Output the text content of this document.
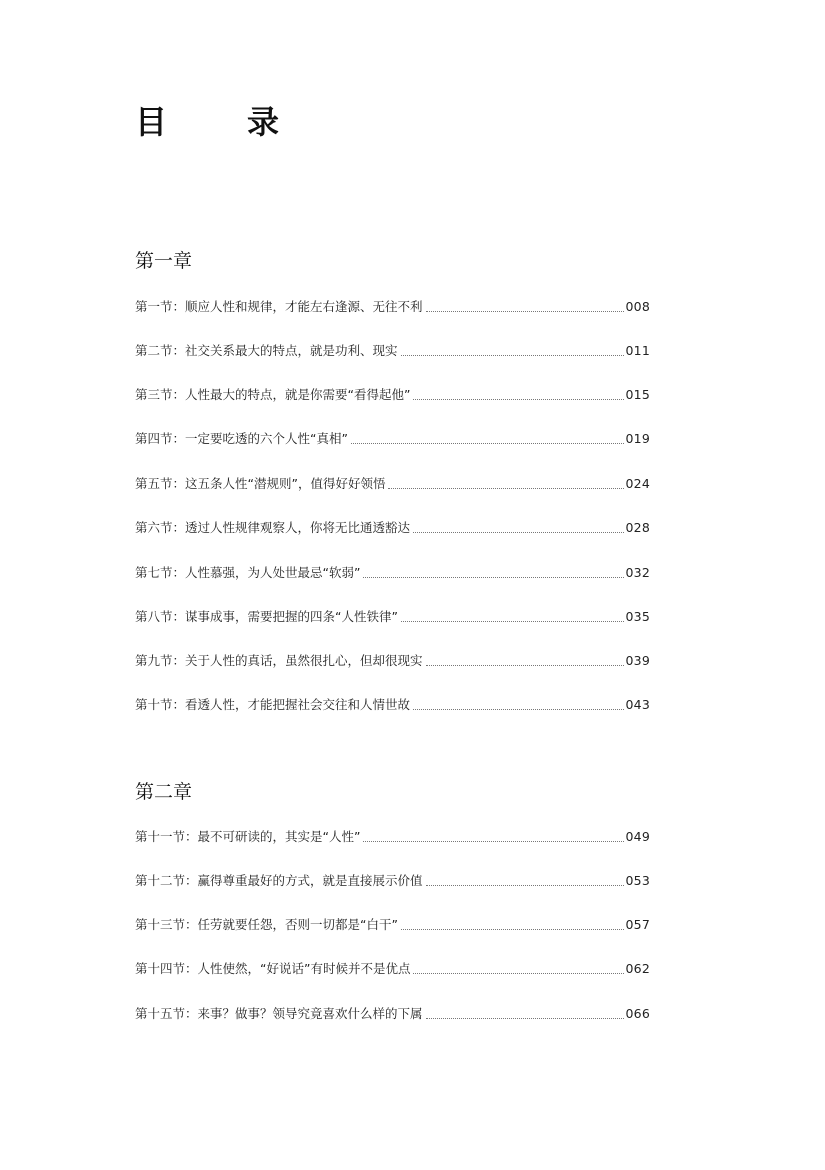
目　录
第一章
第一节：顺应人性和规律，才能左右逢源、无往不利	008
第二节：社交关系最大的特点，就是功利、现实	011
第三节：人性最大的特点，就是你需要“看得起他”	015
第四节：一定要吃透的六个人性“真相”	019
第五节：这五条人性“潜规则”，值得好好领悟	024
第六节：透过人性规律观察人，你将无比通透豁达	028
第七节：人性慕强，为人处世最忌“软弱”	032
第八节：谋事成事，需要把握的四条“人性铁律”	035
第九节：关于人性的真话，虽然很扎心，但却很现实	039
第十节：看透人性，才能把握社会交往和人情世故	043
第二章
第十一节：最不可研读的，其实是“人性”	049
第十二节：赢得尊重最好的方式，就是直接展示价值	053
第十三节：任劳就要任怨，否则一切都是“白干”	057
第十四节：人性使然，“好说话”有时候并不是优点	062
第十五节：来事？做事？领导究竟喜欢什么样的下属	066
